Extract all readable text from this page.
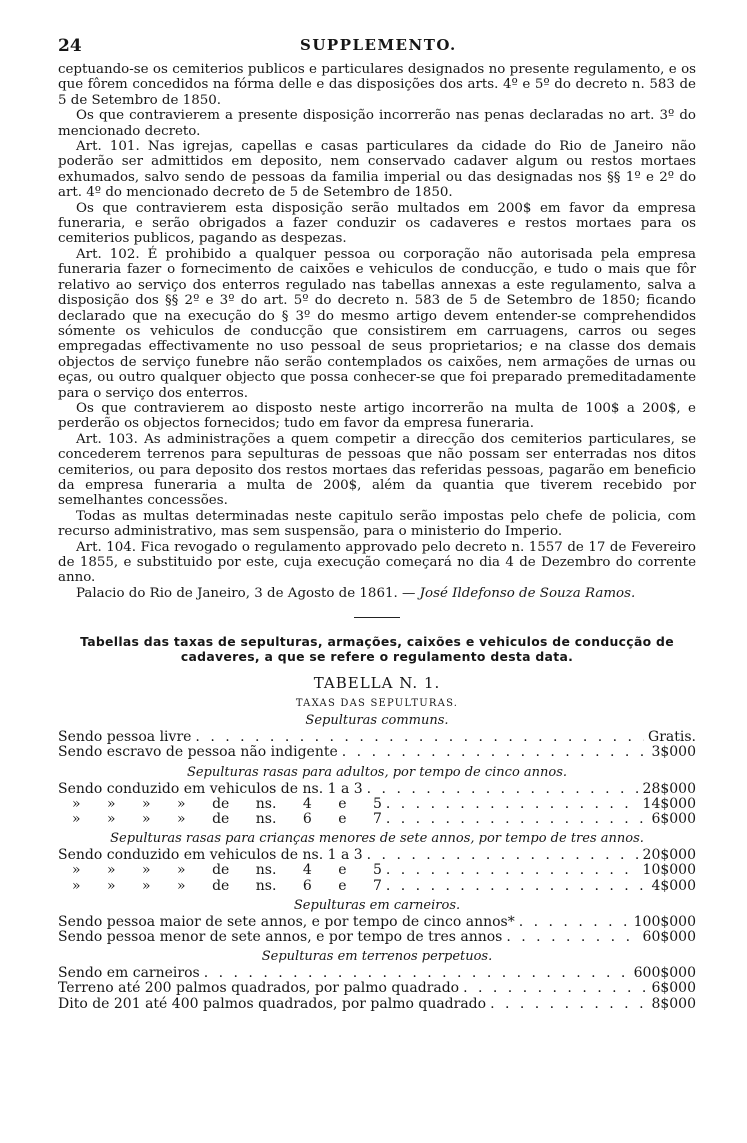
24	SUPPLEMENTO.

ceptuando-se os cemiterios publicos e particulares designados no presente regulamento, e os que fôrem concedidos na fórma delle e das disposições dos arts. 4º e 5º do decreto n. 583 de 5 de Setembro de 1850.

Os que contravierem a presente disposição incorrerão nas penas declaradas no art. 3º do mencionado decreto.

Art. 101. Nas igrejas, capellas e casas particulares da cidade do Rio de Janeiro não poderão ser admittidos em deposito, nem conservado cadaver algum ou restos mortaes exhumados, salvo sendo de pessoas da familia imperial ou das designadas nos §§ 1º e 2º do art. 4º do mencionado decreto de 5 de Setembro de 1850.

Os que contravierem esta disposição serão multados em 200$ em favor da empresa funeraria, e serão obrigados a fazer conduzir os cadaveres e restos mortaes para os cemiterios publicos, pagando as despezas.

Art. 102. É prohibido a qualquer pessoa ou corporação não autorisada pela empresa funeraria fazer o fornecimento de caixões e vehiculos de conducção, e tudo o mais que fôr relativo ao serviço dos enterros regulado nas tabellas annexas a este regulamento, salva a disposição dos §§ 2º e 3º do art. 5º do decreto n. 583 de 5 de Setembro de 1850; ficando declarado que na execução do § 3º do mesmo artigo devem entender-se comprehendidos sómente os vehiculos de conducção que consistirem em carruagens, carros ou seges empregadas effectivamente no uso pessoal de seus proprietarios; e na classe dos demais objectos de serviço funebre não serão contemplados os caixões, nem armações de urnas ou eças, ou outro qualquer objecto que possa conhecer-se que foi preparado premeditadamente para o serviço dos enterros.

Os que contravierem ao disposto neste artigo incorrerão na multa de 100$ a 200$, e perderão os objectos fornecidos; tudo em favor da empresa funeraria.

Art. 103. As administrações a quem competir a direcção dos cemiterios particulares, se concederem terrenos para sepulturas de pessoas que não possam ser enterradas nos ditos cemiterios, ou para deposito dos restos mortaes das referidas pessoas, pagarão em beneficio da empresa funeraria a multa de 200$, além da quantia que tiverem recebido por semelhantes concessões.

Todas as multas determinadas neste capitulo serão impostas pelo chefe de policia, com recurso administrativo, mas sem suspensão, para o ministerio do Imperio.

Art. 104. Fica revogado o regulamento approvado pelo decreto n. 1557 de 17 de Fevereiro de 1855, e substituido por este, cuja execução começará no dia 4 de Dezembro do corrente anno.

Palacio do Rio de Janeiro, 3 de Agosto de 1861. — José Ildefonso de Souza Ramos.

Tabellas das taxas de sepulturas, armações, caixões e vehiculos de conducção de cadaveres, a que se refere o regulamento desta data.
TABELLA N. 1.
TAXAS DAS SEPULTURAS.
Sepulturas communs.
Sendo pessoa livre . . .	Gratis.
Sendo escravo de pessoa não indigente . . .	3$000
Sepulturas rasas para adultos, por tempo de cinco annos.
Sendo conduzido em vehiculos de ns. 1 a 3 . . .	28$000
» » » » de ns. 4 e 5 . . .	14$000
» » » » de ns. 6 e 7 . . .	6$000
Sepulturas rasas para crianças menores de sete annos, por tempo de tres annos.
Sendo conduzido em vehiculos de ns. 1 a 3 . . .	20$000
» » » » de ns. 4 e 5 . . .	10$000
» » » » de ns. 6 e 7 . . .	4$000
Sepulturas em carneiros.
Sendo pessoa maior de sete annos, e por tempo de cinco annos* . . .	100$000
Sendo pessoa menor de sete annos, e por tempo de tres annos . . .	60$000
Sepulturas em terrenos perpetuos.
Sendo em carneiros . . .	600$000
Terreno até 200 palmos quadrados, por palmo quadrado . . .	6$000
Dito de 201 até 400 palmos quadrados, por palmo quadrado . . .	8$000
